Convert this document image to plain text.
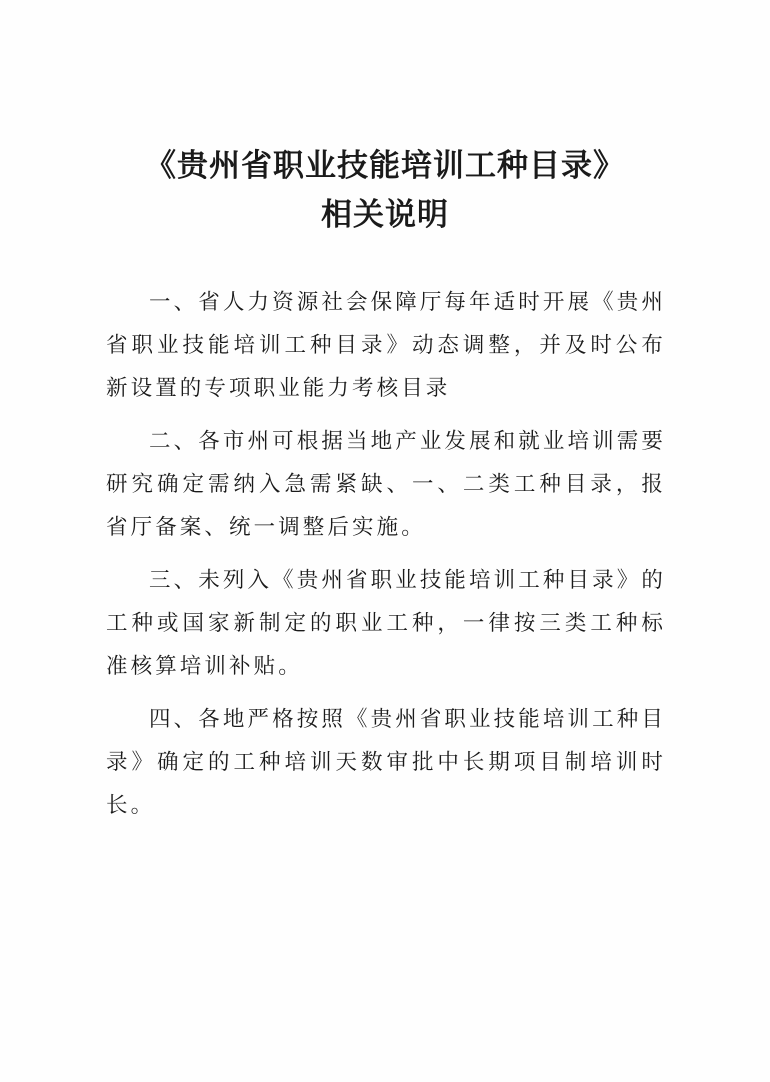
《贵州省职业技能培训工种目录》
相关说明
一、省人力资源社会保障厅每年适时开展《贵州省职业技能培训工种目录》动态调整，并及时公布新设置的专项职业能力考核目录
二、各市州可根据当地产业发展和就业培训需要研究确定需纳入急需紧缺、一、二类工种目录，报省厅备案、统一调整后实施。
三、未列入《贵州省职业技能培训工种目录》的工种或国家新制定的职业工种，一律按三类工种标准核算培训补贴。
四、各地严格按照《贵州省职业技能培训工种目录》确定的工种培训天数审批中长期项目制培训时长。
